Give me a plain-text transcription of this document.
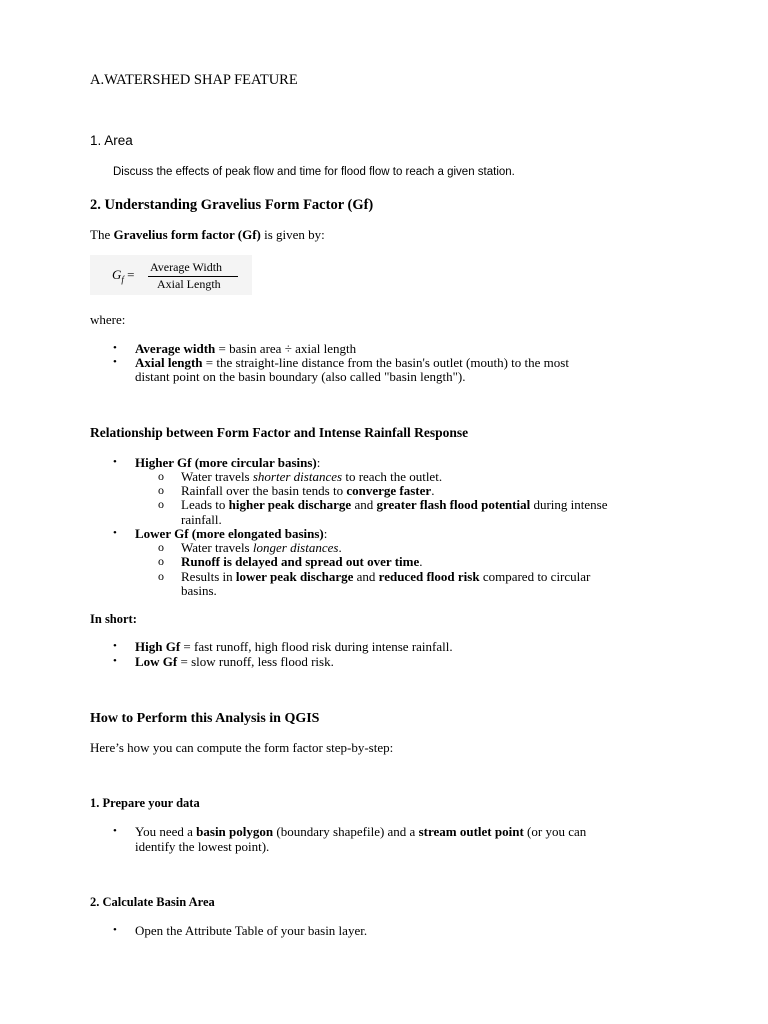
A.WATERSHED SHAP FEATURE
1. Area
Discuss the effects of peak flow and time for flood flow to reach a given station.
2. Understanding Gravelius Form Factor (Gf)
The Gravelius form factor (Gf) is given by:
$G_f$ = Average Width
Axial Length
where:
• Average width = basin area ÷ axial length
• Axial length = the straight-line distance from the basin's outlet (mouth) to the most
distant point on the basin boundary (also called "basin length").
Relationship between Form Factor and Intense Rainfall Response
• Higher Gf (more circular basins):
o Water travels shorter distances to reach the outlet.
o Rainfall over the basin tends to converge faster.
o Leads to higher peak discharge and greater flash flood potential during intense
rainfall.
• Lower Gf (more elongated basins):
o Water travels longer distances.
o Runoff is delayed and spread out over time.
o Results in lower peak discharge and reduced flood risk compared to circular
basins.
In short:
• High Gf = fast runoff, high flood risk during intense rainfall.
• Low Gf = slow runoff, less flood risk.
How to Perform this Analysis in QGIS
Here’s how you can compute the form factor step-by-step:
1. Prepare your data
• You need a basin polygon (boundary shapefile) and a stream outlet point (or you can
identify the lowest point).
2. Calculate Basin Area
• Open the Attribute Table of your basin layer.
